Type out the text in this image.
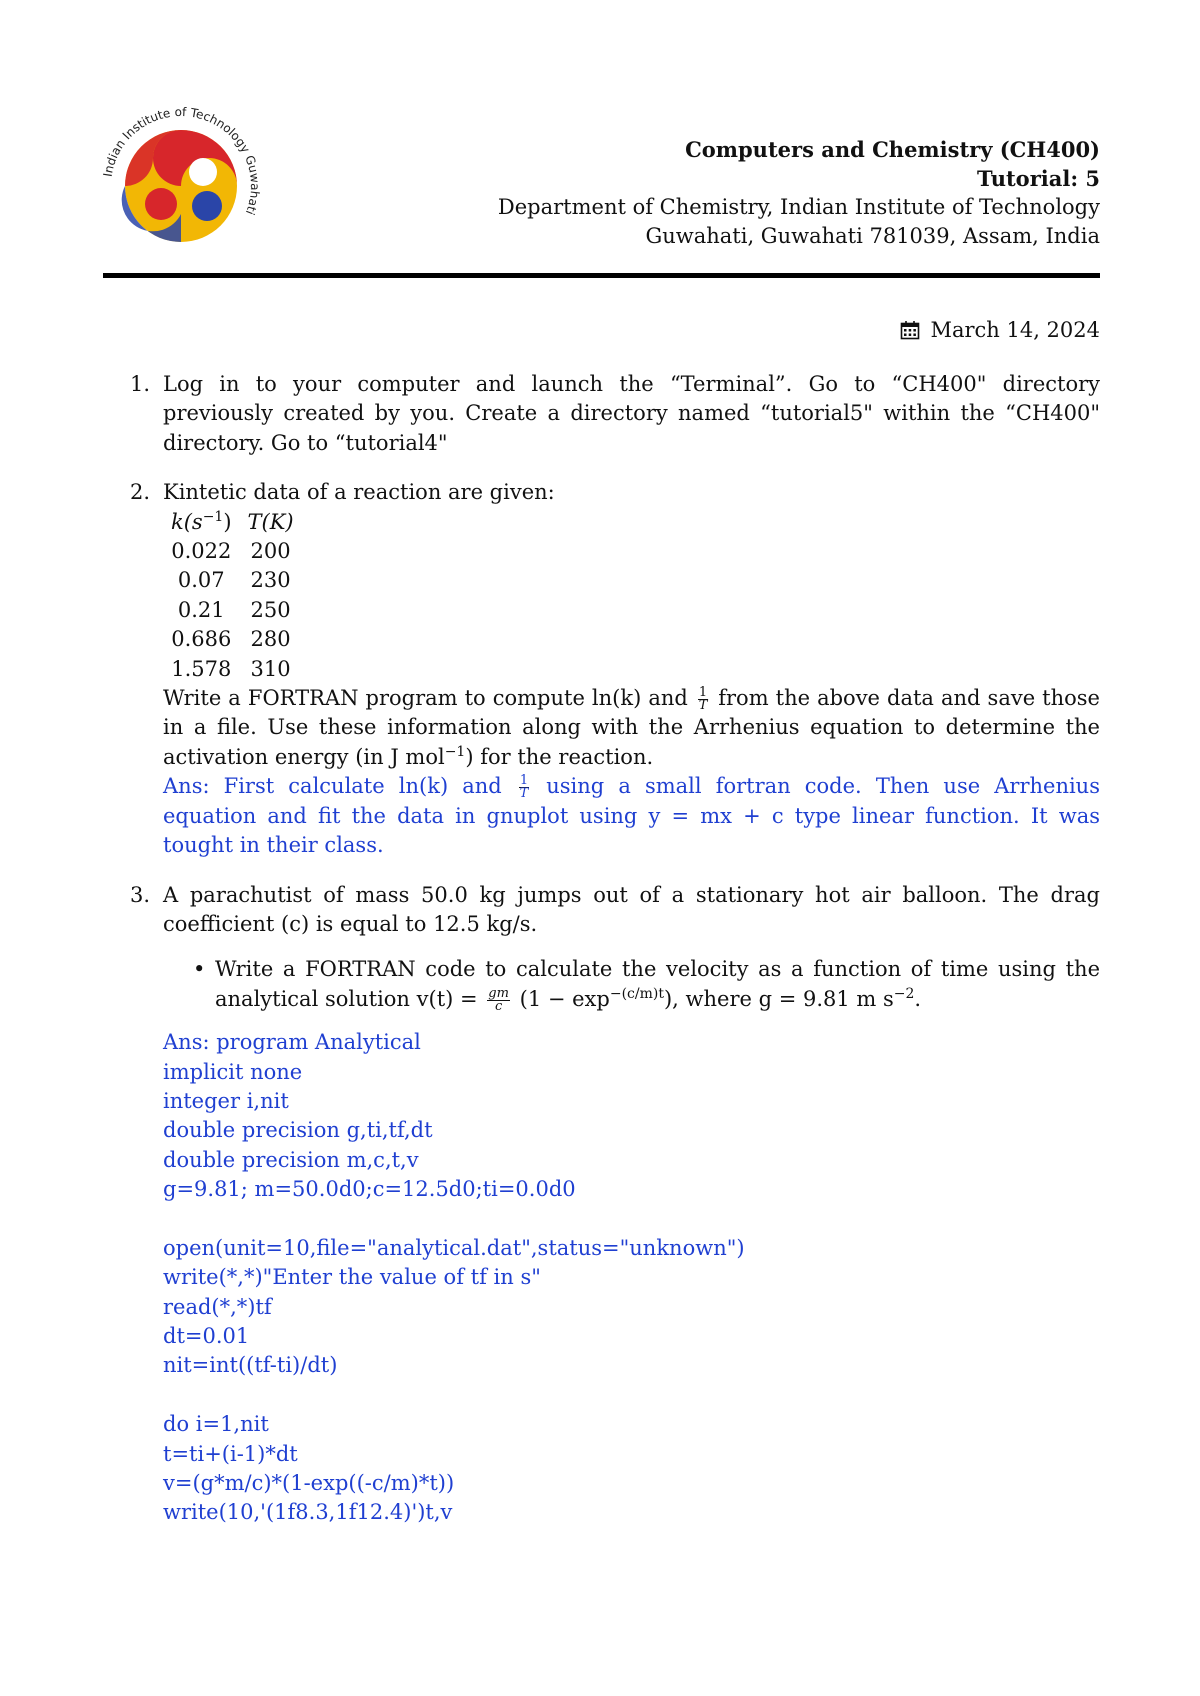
Indian Institute of Technology Guwahati
Computers and Chemistry (CH400)
Tutorial: 5
Department of Chemistry, Indian Institute of Technology
Guwahati, Guwahati 781039, Assam, India
March 14, 2024
1. Log in to your computer and launch the “Terminal”. Go to “CH400" directory previously created by you. Create a directory named “tutorial5" within the “CH400" directory. Go to “tutorial4"
2. Kintetic data of a reaction are given:
$k(s^{-1})$	T(K)
0.022	200
0.07	230
0.21	250
0.686	280
1.578	310
Write a FORTRAN program to compute ln(k) and $\frac{1}{T}$ from the above data and save those in a file. Use these information along with the Arrhenius equation to determine the activation energy (in J mol$^{-1}$) for the reaction.
Ans: First calculate ln(k) and $\frac{1}{T}$ using a small fortran code. Then use Arrhenius equation and fit the data in gnuplot using y = mx + c type linear function. It was tought in their class.
3. A parachutist of mass 50.0 kg jumps out of a stationary hot air balloon. The drag coefficient (c) is equal to 12.5 kg/s.
• Write a FORTRAN code to calculate the velocity as a function of time using the analytical solution $v(t) = \frac{gm}{c} (1 - \exp^{-(c/m)t})$, where g = 9.81 m $s^{-2}$.
Ans: program Analytical
implicit none
integer i,nit
double precision g,ti,tf,dt
double precision m,c,t,v
g=9.81; m=50.0d0;c=12.5d0;ti=0.0d0
open(unit=10,file="analytical.dat",status="unknown")
write(*,*)"Enter the value of tf in s"
read(*,*)tf
dt=0.01
nit=int((tf-ti)/dt)
do i=1,nit
t=ti+(i-1)*dt
v=(g*m/c)*(1-exp((-c/m)*t))
write(10,'(1f8.3,1f12.4)')t,v
